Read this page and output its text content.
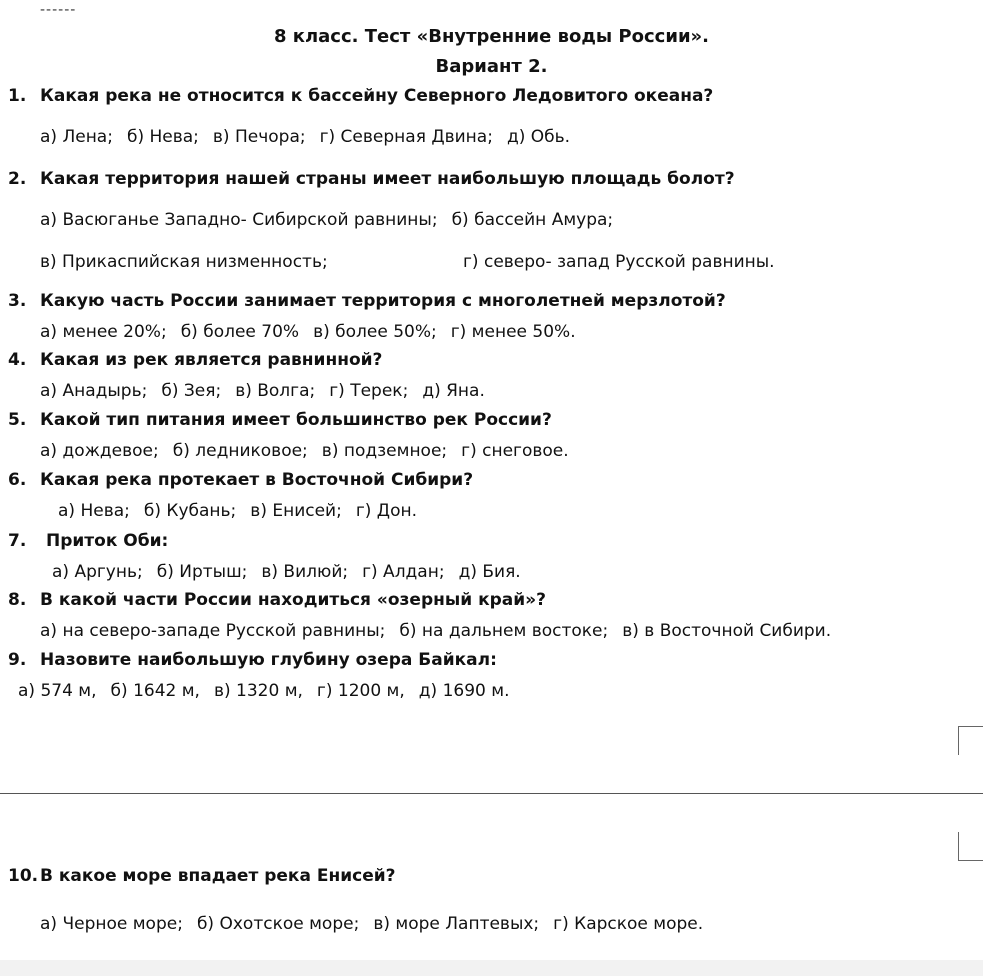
------
8 класс. Тест «Внутренние воды России».
Вариант 2.
1. Какая река не относится к бассейну Северного Ледовитого океана?
а) Лена; б) Нева; в) Печора; г) Северная Двина; д) Обь.
2. Какая территория нашей страны имеет наибольшую площадь болот?
а) Васюганье Западно- Сибирской равнины; б) бассейн Амура;
в) Прикаспийская низменность;	г) северо- запад Русской равнины.
3. Какую часть России занимает территория с многолетней мерзлотой?
а) менее 20%; б) более 70% в) более 50%; г) менее 50%.
4. Какая из рек является равнинной?
а) Анадырь; б) Зея; в) Волга; г) Терек; д) Яна.
5. Какой тип питания имеет большинство рек России?
а) дождевое; б) ледниковое; в) подземное; г) снеговое.
6. Какая река протекает в Восточной Сибири?
а) Нева; б) Кубань; в) Енисей; г) Дон.
7. Приток Оби:
а) Аргунь; б) Иртыш; в) Вилюй; г) Алдан; д) Бия.
8. В какой части России находиться «озерный край»?
а) на северо-западе Русской равнины; б) на дальнем востоке; в) в Восточной Сибири.
9. Назовите наибольшую глубину озера Байкал:
а) 574 м, б) 1642 м, в) 1320 м, г) 1200 м, д) 1690 м.
10. В какое море впадает река Енисей?
а) Черное море; б) Охотское море; в) море Лаптевых; г) Карское море.
